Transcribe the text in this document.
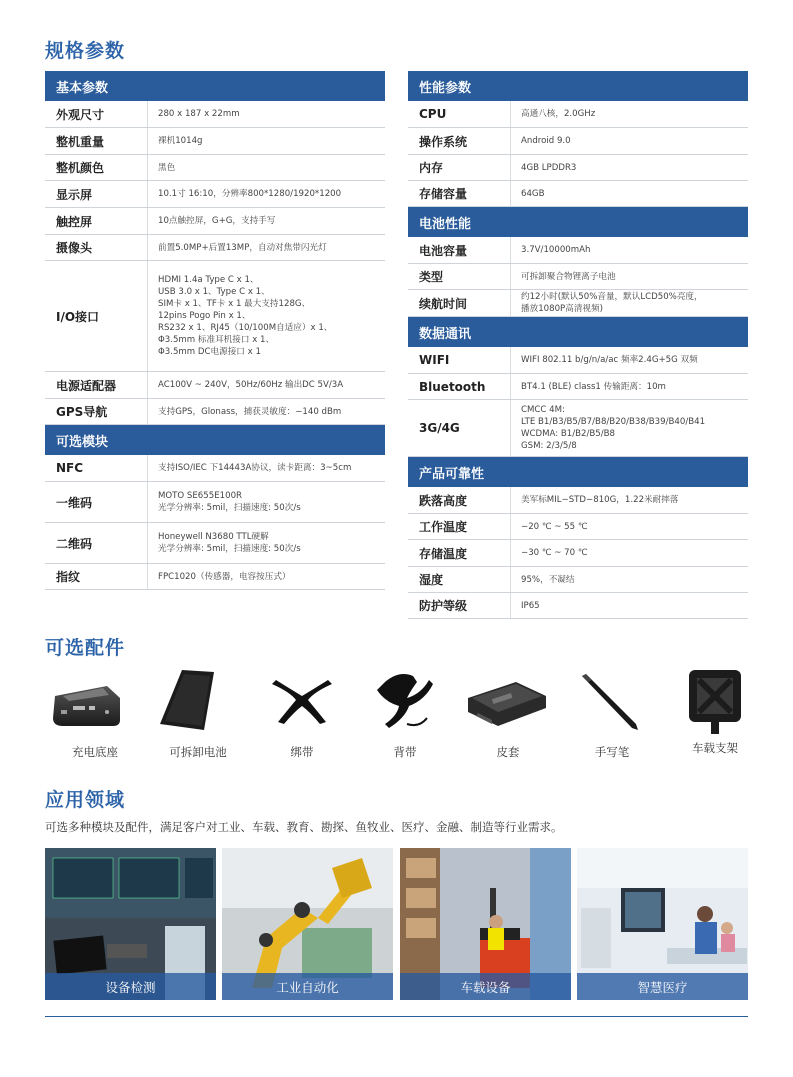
规格参数
基本参数
外观尺寸	280 x 187 x 22mm
整机重量	裸机1014g
整机颜色	黑色
显示屏	10.1寸 16:10，分辨率800*1280/1920*1200
触控屏	10点触控屏，G+G，支持手写
摄像头	前置5.0MP+后置13MP，自动对焦带闪光灯
I/O接口
HDMI 1.4a Type C x 1、
USB 3.0 x 1、Type C x 1、
SIM卡 x 1、TF卡 x 1 最大支持128G、
12pins Pogo Pin x 1、
RS232 x 1、RJ45（10/100M自适应）x 1、
Φ3.5mm 标准耳机接口 x 1、
Φ3.5mm DC电源接口 x 1
电源适配器	AC100V ~ 240V，50Hz/60Hz 输出DC 5V/3A
GPS导航	支持GPS，Glonass，捕获灵敏度：−140 dBm
可选模块
NFC	支持ISO/IEC 下14443A协议，读卡距离：3~5cm
一维码	MOTO SE655E100R
光学分辨率: 5mil，扫描速度: 50次/s
二维码	Honeywell N3680 TTL硬解
光学分辨率: 5mil，扫描速度: 50次/s
指纹	FPC1020（传感器，电容按压式）
性能参数
CPU	高通八核，2.0GHz
操作系统	Android 9.0
内存	4GB LPDDR3
存储容量	64GB
电池性能
电池容量	3.7V/10000mAh
类型	可拆卸聚合物锂离子电池
续航时间	约12小时(默认50%音量，默认LCD50%亮度，
播放1080P高清视频)
数据通讯
WIFI	WIFI 802.11 b/g/n/a/ac 频率2.4G+5G 双频
Bluetooth	BT4.1 (BLE) class1 传输距离：10m
3G/4G
CMCC 4M:
LTE B1/B3/B5/B7/B8/B20/B38/B39/B40/B41
WCDMA: B1/B2/B5/B8
GSM: 2/3/5/8
产品可靠性
跌落高度	美军标MIL−STD−810G，1.22米耐摔落
工作温度	−20 ℃ ~ 55 ℃
存储温度	−30 ℃ ~ 70 ℃
湿度	95%，不凝结
防护等级	IP65
可选配件
充电底座	可拆卸电池	绑带	背带	皮套	手写笔	车载支架
应用领域
可选多种模块及配件，满足客户对工业、车载、教育、勘探、鱼牧业、医疗、金融、制造等行业需求。
设备检测	工业自动化	车载设备	智慧医疗
